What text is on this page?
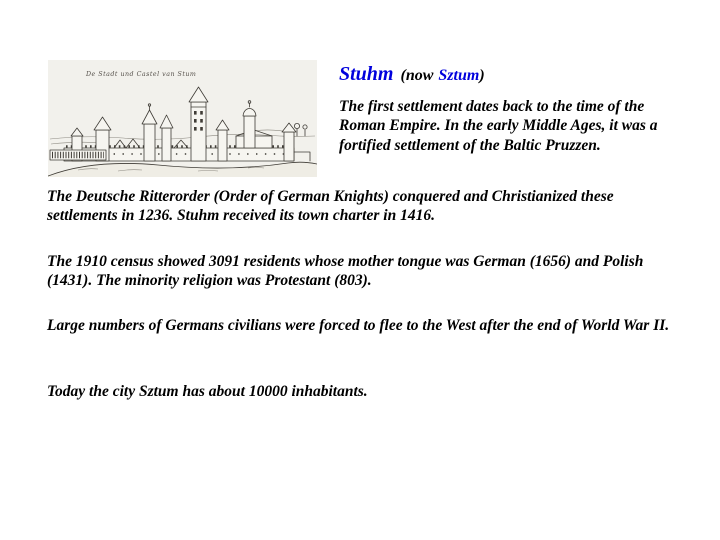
De Stadt und Castel van Stum	Stuhm (now Sztum)

The first settlement dates back to the time of the Roman Empire. In the early Middle Ages, it was a fortified settlement of the Baltic Pruzzen.

The Deutsche Ritterorder (Order of German Knights) conquered and Christianized these settlements in 1236. Stuhm received its town charter in 1416.

The 1910 census showed 3091 residents whose mother tongue was German (1656) and Polish (1431). The minority religion was Protestant (803).

Large numbers of Germans civilians were forced to flee to the West after the end of World War II.

Today the city Sztum has about 10000 inhabitants.
